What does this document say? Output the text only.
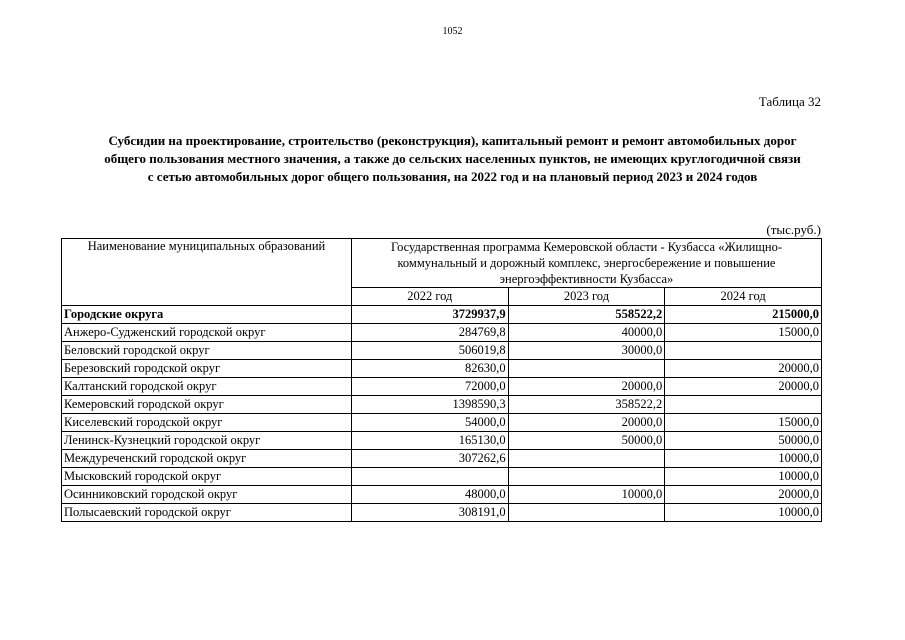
1052
Таблица 32
Субсидии на проектирование, строительство (реконструкция), капитальный ремонт и ремонт автомобильных дорог
общего пользования местного значения, а также до сельских населенных пунктов, не имеющих круглогодичной связи
с сетью автомобильных дорог общего пользования, на 2022 год и на плановый период 2023 и 2024 годов
(тыс.руб.)
Наименование муниципальных образований	Государственная программа Кемеровской области - Кузбасса «Жилищно-коммунальный и дорожный комплекс, энергосбережение и повышение энергоэффективности Кузбасса»		
	2022 год	2023 год	2024 год
Городские округа	3729937,9	558522,2	215000,0
Анжеро-Судженский городской округ	284769,8	40000,0	15000,0
Беловский городской округ	506019,8	30000,0	
Березовский городской округ	82630,0		20000,0
Калтанский городской округ	72000,0	20000,0	20000,0
Кемеровский городской округ	1398590,3	358522,2	
Киселевский городской округ	54000,0	20000,0	15000,0
Ленинск-Кузнецкий городской округ	165130,0	50000,0	50000,0
Междуреченский городской округ	307262,6		10000,0
Мысковский городской округ			10000,0
Осинниковский городской округ	48000,0	10000,0	20000,0
Полысаевский городской округ	308191,0		10000,0
